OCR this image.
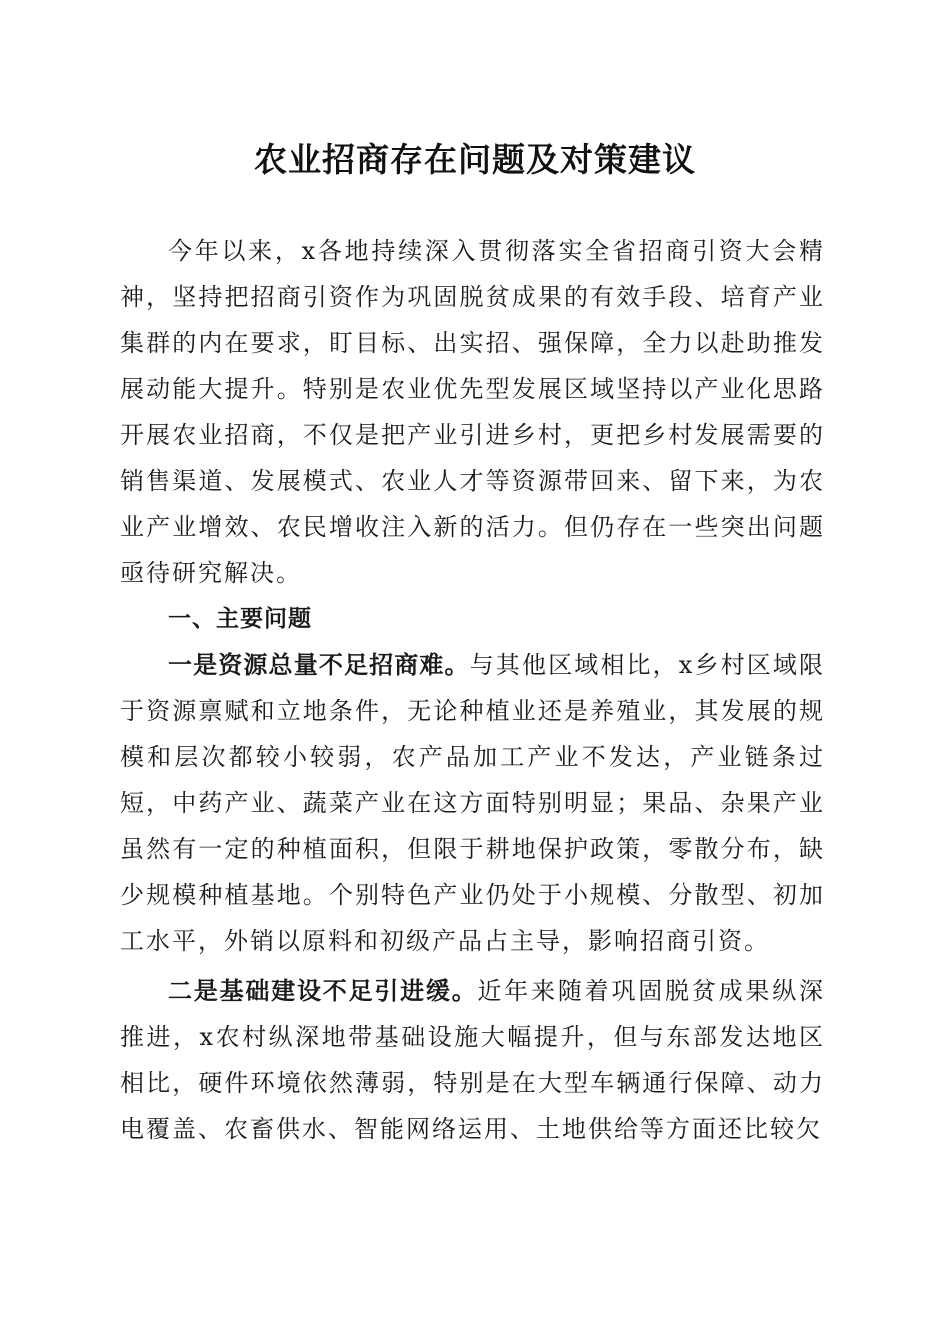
农业招商存在问题及对策建议

今年以来，x各地持续深入贯彻落实全省招商引资大会精神，坚持把招商引资作为巩固脱贫成果的有效手段、培育产业集群的内在要求，盯目标、出实招、强保障，全力以赴助推发展动能大提升。特别是农业优先型发展区域坚持以产业化思路开展农业招商，不仅是把产业引进乡村，更把乡村发展需要的销售渠道、发展模式、农业人才等资源带回来、留下来，为农业产业增效、农民增收注入新的活力。但仍存在一些突出问题亟待研究解决。

一、主要问题

一是资源总量不足招商难。与其他区域相比，x乡村区域限于资源禀赋和立地条件，无论种植业还是养殖业，其发展的规模和层次都较小较弱，农产品加工产业不发达，产业链条过短，中药产业、蔬菜产业在这方面特别明显；果品、杂果产业虽然有一定的种植面积，但限于耕地保护政策，零散分布，缺少规模种植基地。个别特色产业仍处于小规模、分散型、初加工水平，外销以原料和初级产品占主导，影响招商引资。

二是基础建设不足引进缓。近年来随着巩固脱贫成果纵深推进，x农村纵深地带基础设施大幅提升，但与东部发达地区相比，硬件环境依然薄弱，特别是在大型车辆通行保障、动力电覆盖、农畜供水、智能网络运用、土地供给等方面还比较欠
